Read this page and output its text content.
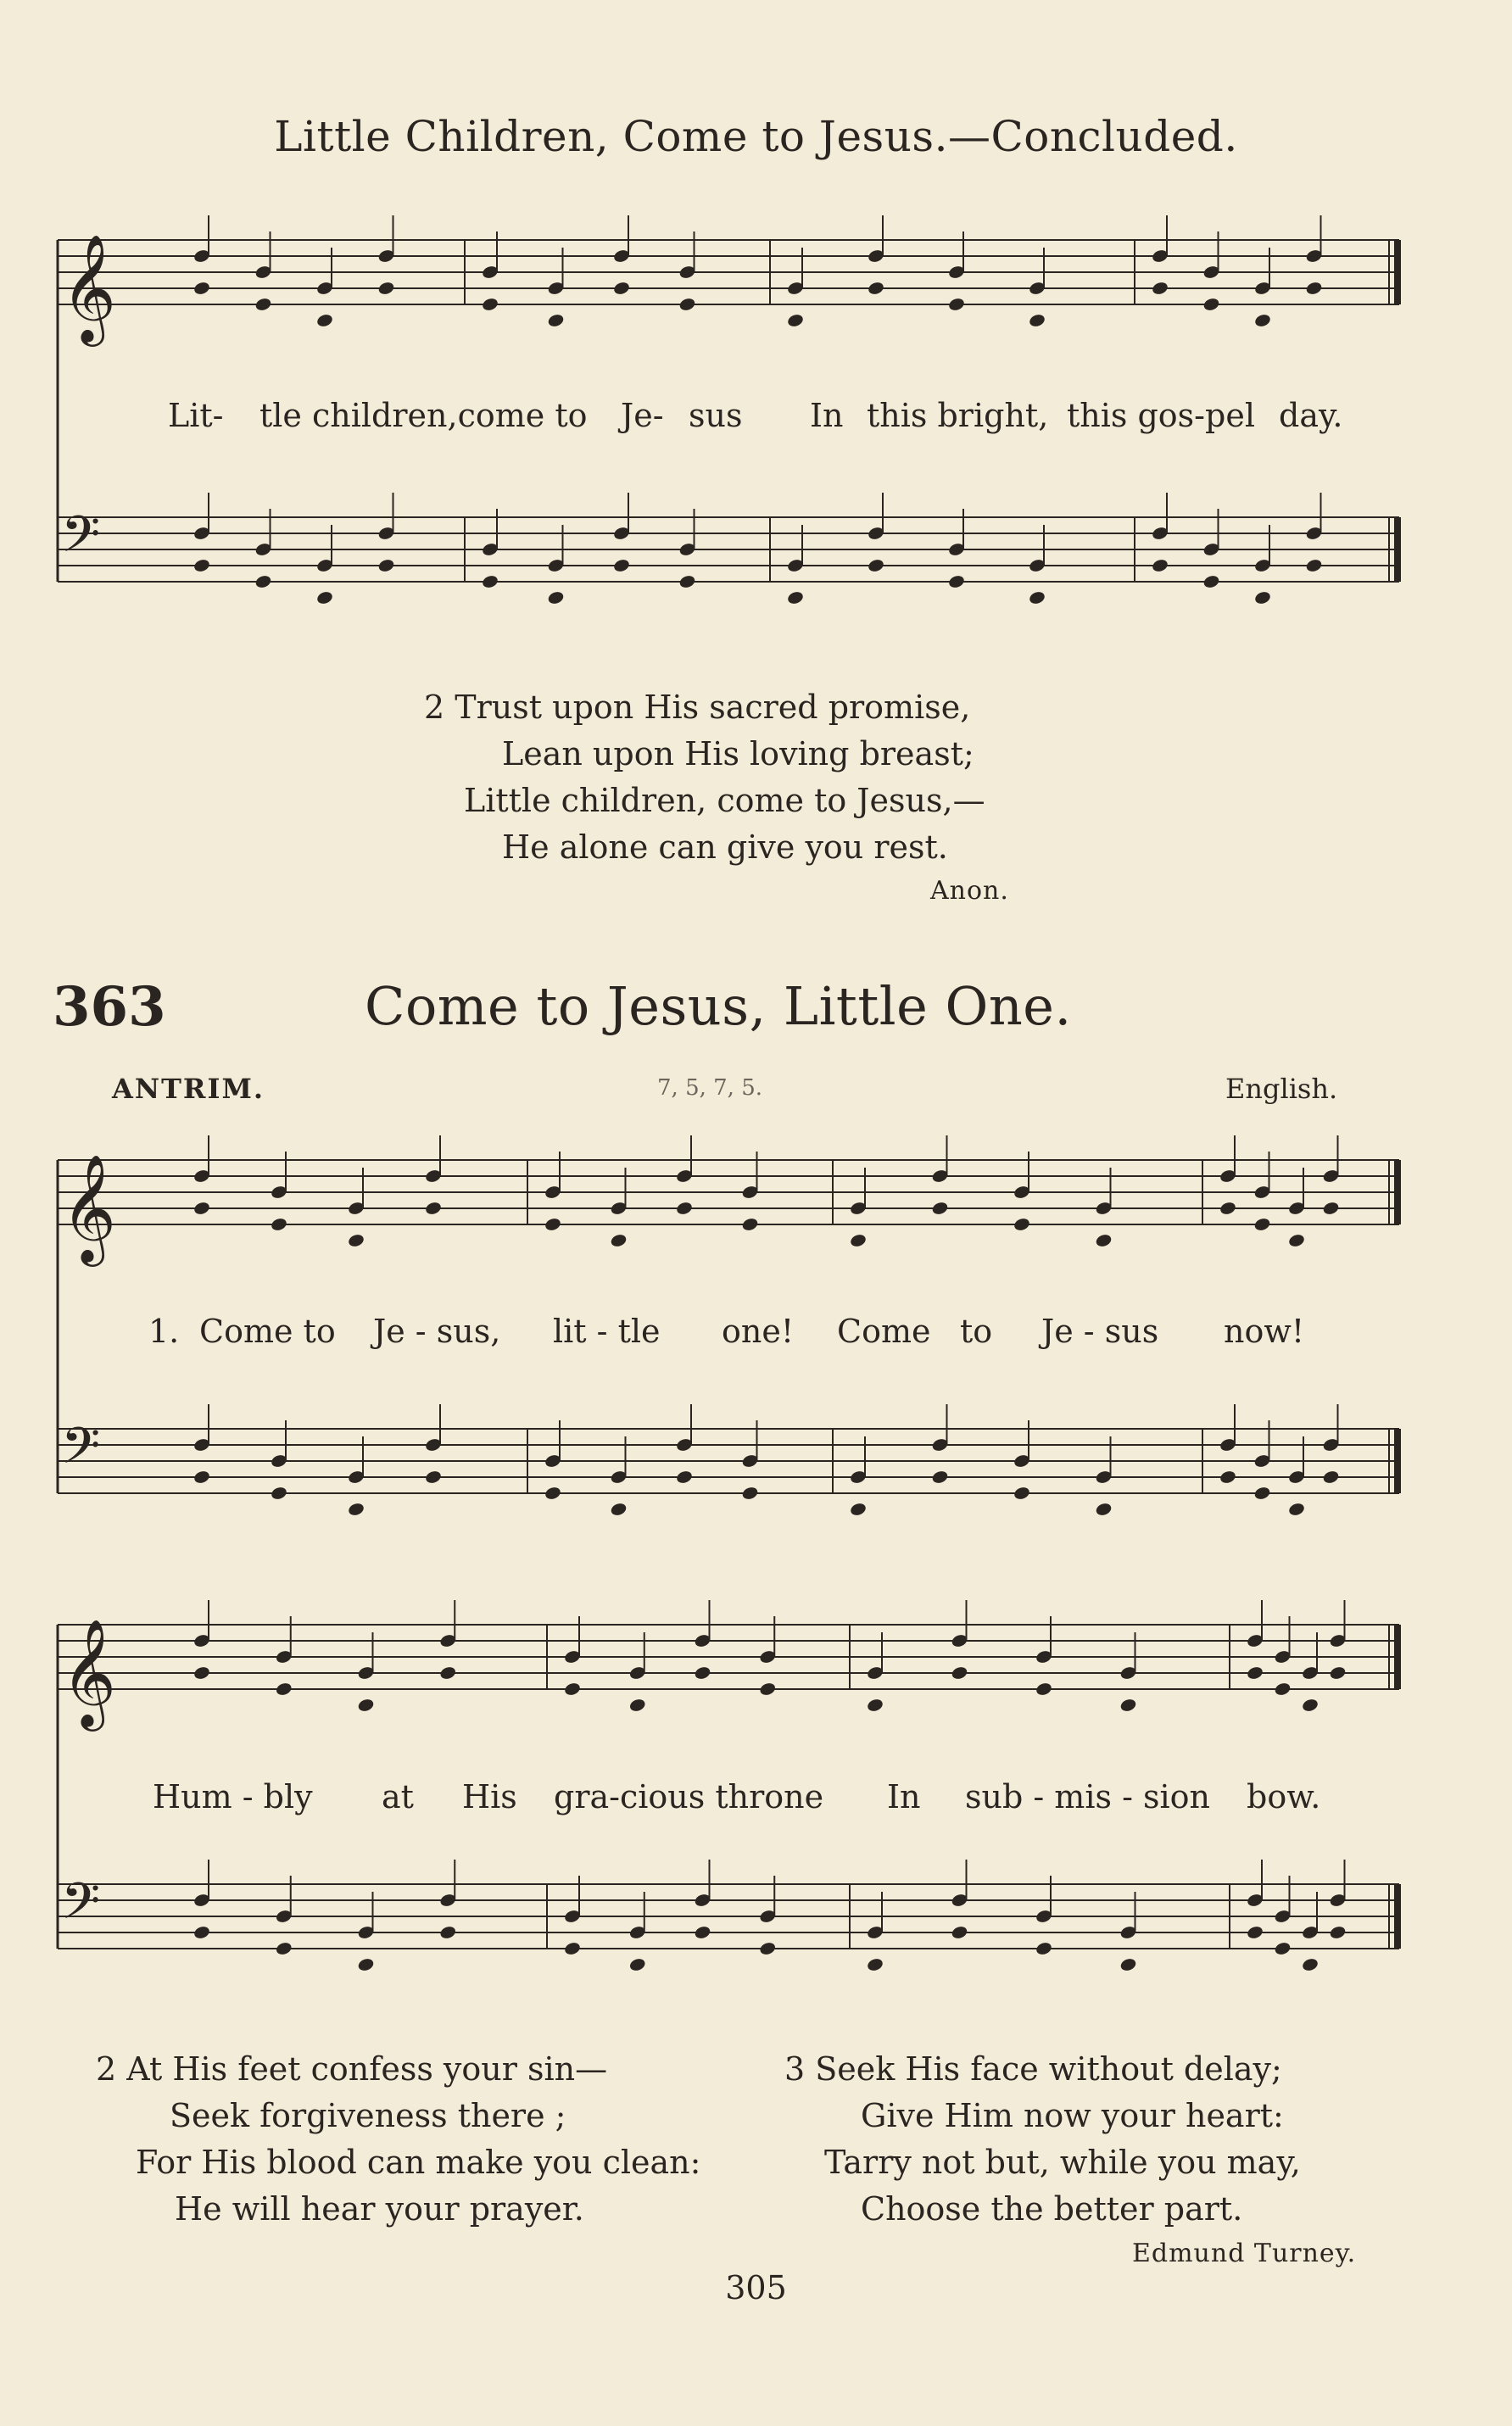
Little Children, Come to Jesus.—Concluded.
𝄞
𝄢
𝄞
𝄢
𝄞
𝄢
Lit- tle children,come to Je- sus In this bright, this gos-pel day.
2 Trust upon His sacred promise,
Lean upon His loving breast;
Little children, come to Jesus,—
He alone can give you rest.
Anon.
363	Come to Jesus, Little One.
ANTRIM.	7, 5, 7, 5.	English.
1. Come to Je - sus, lit - tle one! Come to Je - sus now!
Hum - bly at His gra-cious throne In sub - mis - sion bow.
2 At His feet confess your sin—
Seek forgiveness there ;
For His blood can make you clean:
He will hear your prayer.
3 Seek His face without delay;
Give Him now your heart:
Tarry not but, while you may,
Choose the better part.
Edmund Turney.
305
